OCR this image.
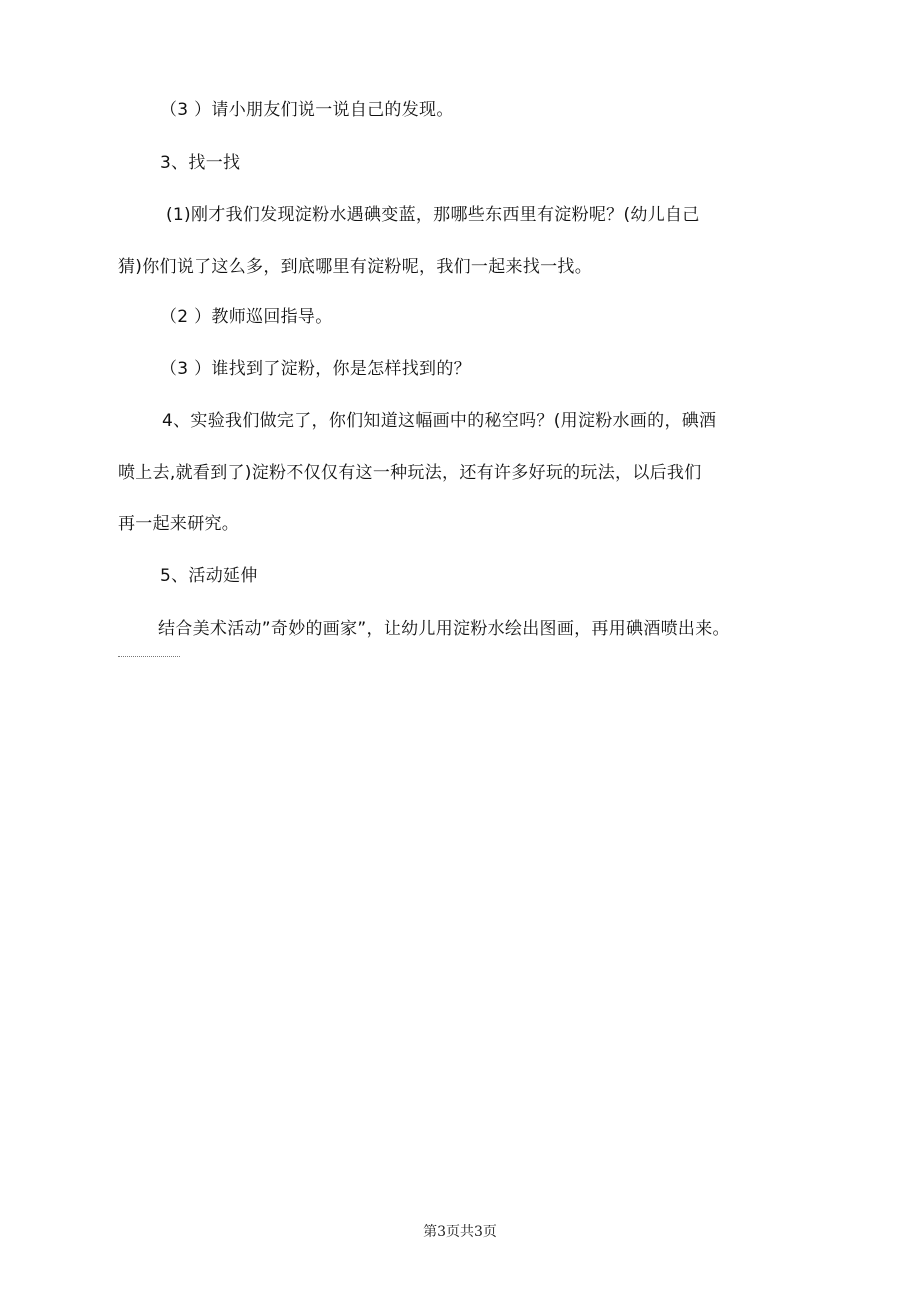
（3 ）请小朋友们说一说自己的发现。
3、找一找
(1)刚才我们发现淀粉水遇碘变蓝，那哪些东西里有淀粉呢？(幼儿自己
猜)你们说了这么多，到底哪里有淀粉呢，我们一起来找一找。
（2 ）教师巡回指导。
（3 ）谁找到了淀粉，你是怎样找到的？
4、实验我们做完了，你们知道这幅画中的秘空吗？(用淀粉水画的，碘酒
喷上去,就看到了)淀粉不仅仅有这一种玩法，还有许多好玩的玩法，以后我们
再一起来研究。
5、活动延伸
结合美术活动”奇妙的画家”，让幼儿用淀粉水绘出图画，再用碘酒喷出来。
第3页共3页
